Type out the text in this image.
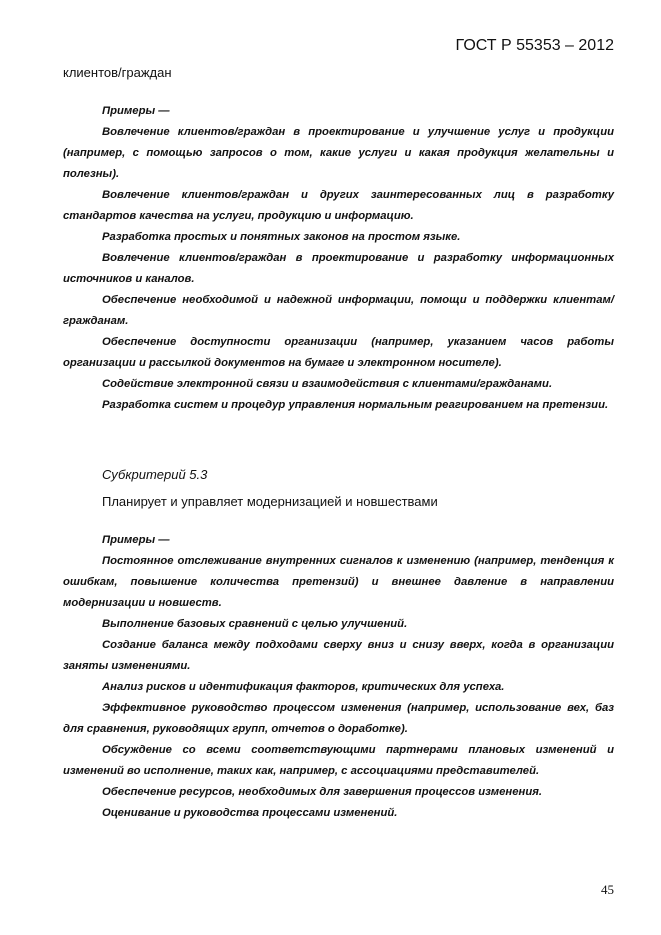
ГОСТ Р 55353 – 2012
клиентов/граждан

Примеры —

Вовлечение клиентов/граждан в проектирование и улучшение услуг и продукции (например, с помощью запросов о том, какие услуги и какая продукция желательны и полезны).

Вовлечение клиентов/граждан и других заинтересованных лиц в разработку стандартов качества на услуги, продукцию и информацию.

Разработка простых и понятных законов на простом языке.

Вовлечение клиентов/граждан в проектирование и разработку информационных источников и каналов.

Обеспечение необходимой и надежной информации, помощи и поддержки клиентам/гражданам.

Обеспечение доступности организации (например, указанием часов работы организации и рассылкой документов на бумаге и электронном носителе).

Содействие электронной связи и взаимодействия с клиентами/гражданами.

Разработка систем и процедур управления нормальным реагированием на претензии.

Субкритерий 5.3
Планирует и управляет модернизацией и новшествами

Примеры —

Постоянное отслеживание внутренних сигналов к изменению (например, тенденция к ошибкам, повышение количества претензий) и внешнее давление в направлении модернизации и новшеств.

Выполнение базовых сравнений с целью улучшений.

Создание баланса между подходами сверху вниз и снизу вверх, когда в организации заняты изменениями.

Анализ рисков и идентификация факторов, критических для успеха.

Эффективное руководство процессом изменения (например, использование вех, баз для сравнения, руководящих групп, отчетов о доработке).

Обсуждение со всеми соответствующими партнерами плановых изменений и изменений во исполнение, таких как, например, с ассоциациями представителей.

Обеспечение ресурсов, необходимых для завершения процессов изменения.

Оценивание и руководства процессами изменений.

45
